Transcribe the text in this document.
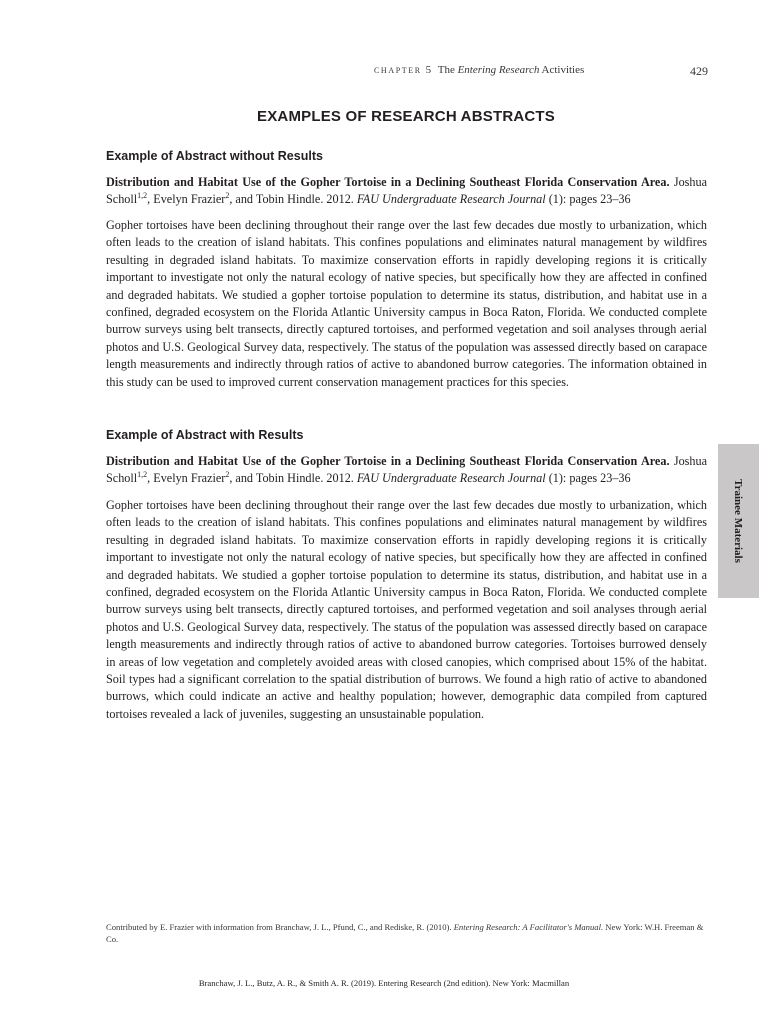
CHAPTER 5 The Entering Research Activities	429
EXAMPLES OF RESEARCH ABSTRACTS
Example of Abstract without Results

Distribution and Habitat Use of the Gopher Tortoise in a Declining Southeast Florida Conservation Area. Joshua Scholl$^{1,2}$, Evelyn Frazier$^2$, and Tobin Hindle. 2012. FAU Undergraduate Research Journal (1): pages 23–36

Gopher tortoises have been declining throughout their range over the last few decades due mostly to urbanization, which often leads to the creation of island habitats. This confines populations and eliminates natural management by wildfires resulting in degraded island habitats. To maximize conservation efforts in rapidly developing regions it is critically important to investigate not only the natural ecology of native species, but specifically how they are affected in confined and degraded habitats. We studied a gopher tortoise population to determine its status, distribution, and habitat use in a confined, degraded ecosystem on the Florida Atlantic University campus in Boca Raton, Florida. We conducted complete burrow surveys using belt transects, directly captured tortoises, and performed vegetation and soil analyses through aerial photos and U.S. Geological Survey data, respectively. The status of the population was assessed directly based on carapace length measurements and indirectly through ratios of active to abandoned burrow categories. The information obtained in this study can be used to improved current conservation management practices for this species.

Example of Abstract with Results

Distribution and Habitat Use of the Gopher Tortoise in a Declining Southeast Florida Conservation Area. Joshua Scholl$^{1,2}$, Evelyn Frazier$^2$, and Tobin Hindle. 2012. FAU Undergraduate Research Journal (1): pages 23–36

Gopher tortoises have been declining throughout their range over the last few decades due mostly to urbanization, which often leads to the creation of island habitats. This confines populations and eliminates natural management by wildfires resulting in degraded island habitats. To maximize conservation efforts in rapidly developing regions it is critically important to investigate not only the natural ecology of native species, but specifically how they are affected in confined and degraded habitats. We studied a gopher tortoise population to determine its status, distribution, and habitat use in a confined, degraded ecosystem on the Florida Atlantic University campus in Boca Raton, Florida. We conducted complete burrow surveys using belt transects, directly captured tortoises, and performed vegetation and soil analyses through aerial photos and U.S. Geological Survey data, respectively. The status of the population was assessed directly based on carapace length measurements and indirectly through ratios of active to abandoned burrow categories. Tortoises burrowed densely in areas of low vegetation and completely avoided areas with closed canopies, which comprised about 15% of the habitat. Soil types had a significant correlation to the spatial distribution of burrows. We found a high ratio of active to abandoned burrows, which could indicate an active and healthy population; however, demographic data compiled from captured tortoises revealed a lack of juveniles, suggesting an unsustainable population.

Trainee Materials

Contributed by E. Frazier with information from Branchaw, J. L., Pfund, C., and Rediske, R. (2010). Entering Research: A Facilitator's Manual. New York: W.H. Freeman & Co.

Branchaw, J. L., Butz, A. R., & Smith A. R. (2019). Entering Research (2nd edition). New York: Macmillan
